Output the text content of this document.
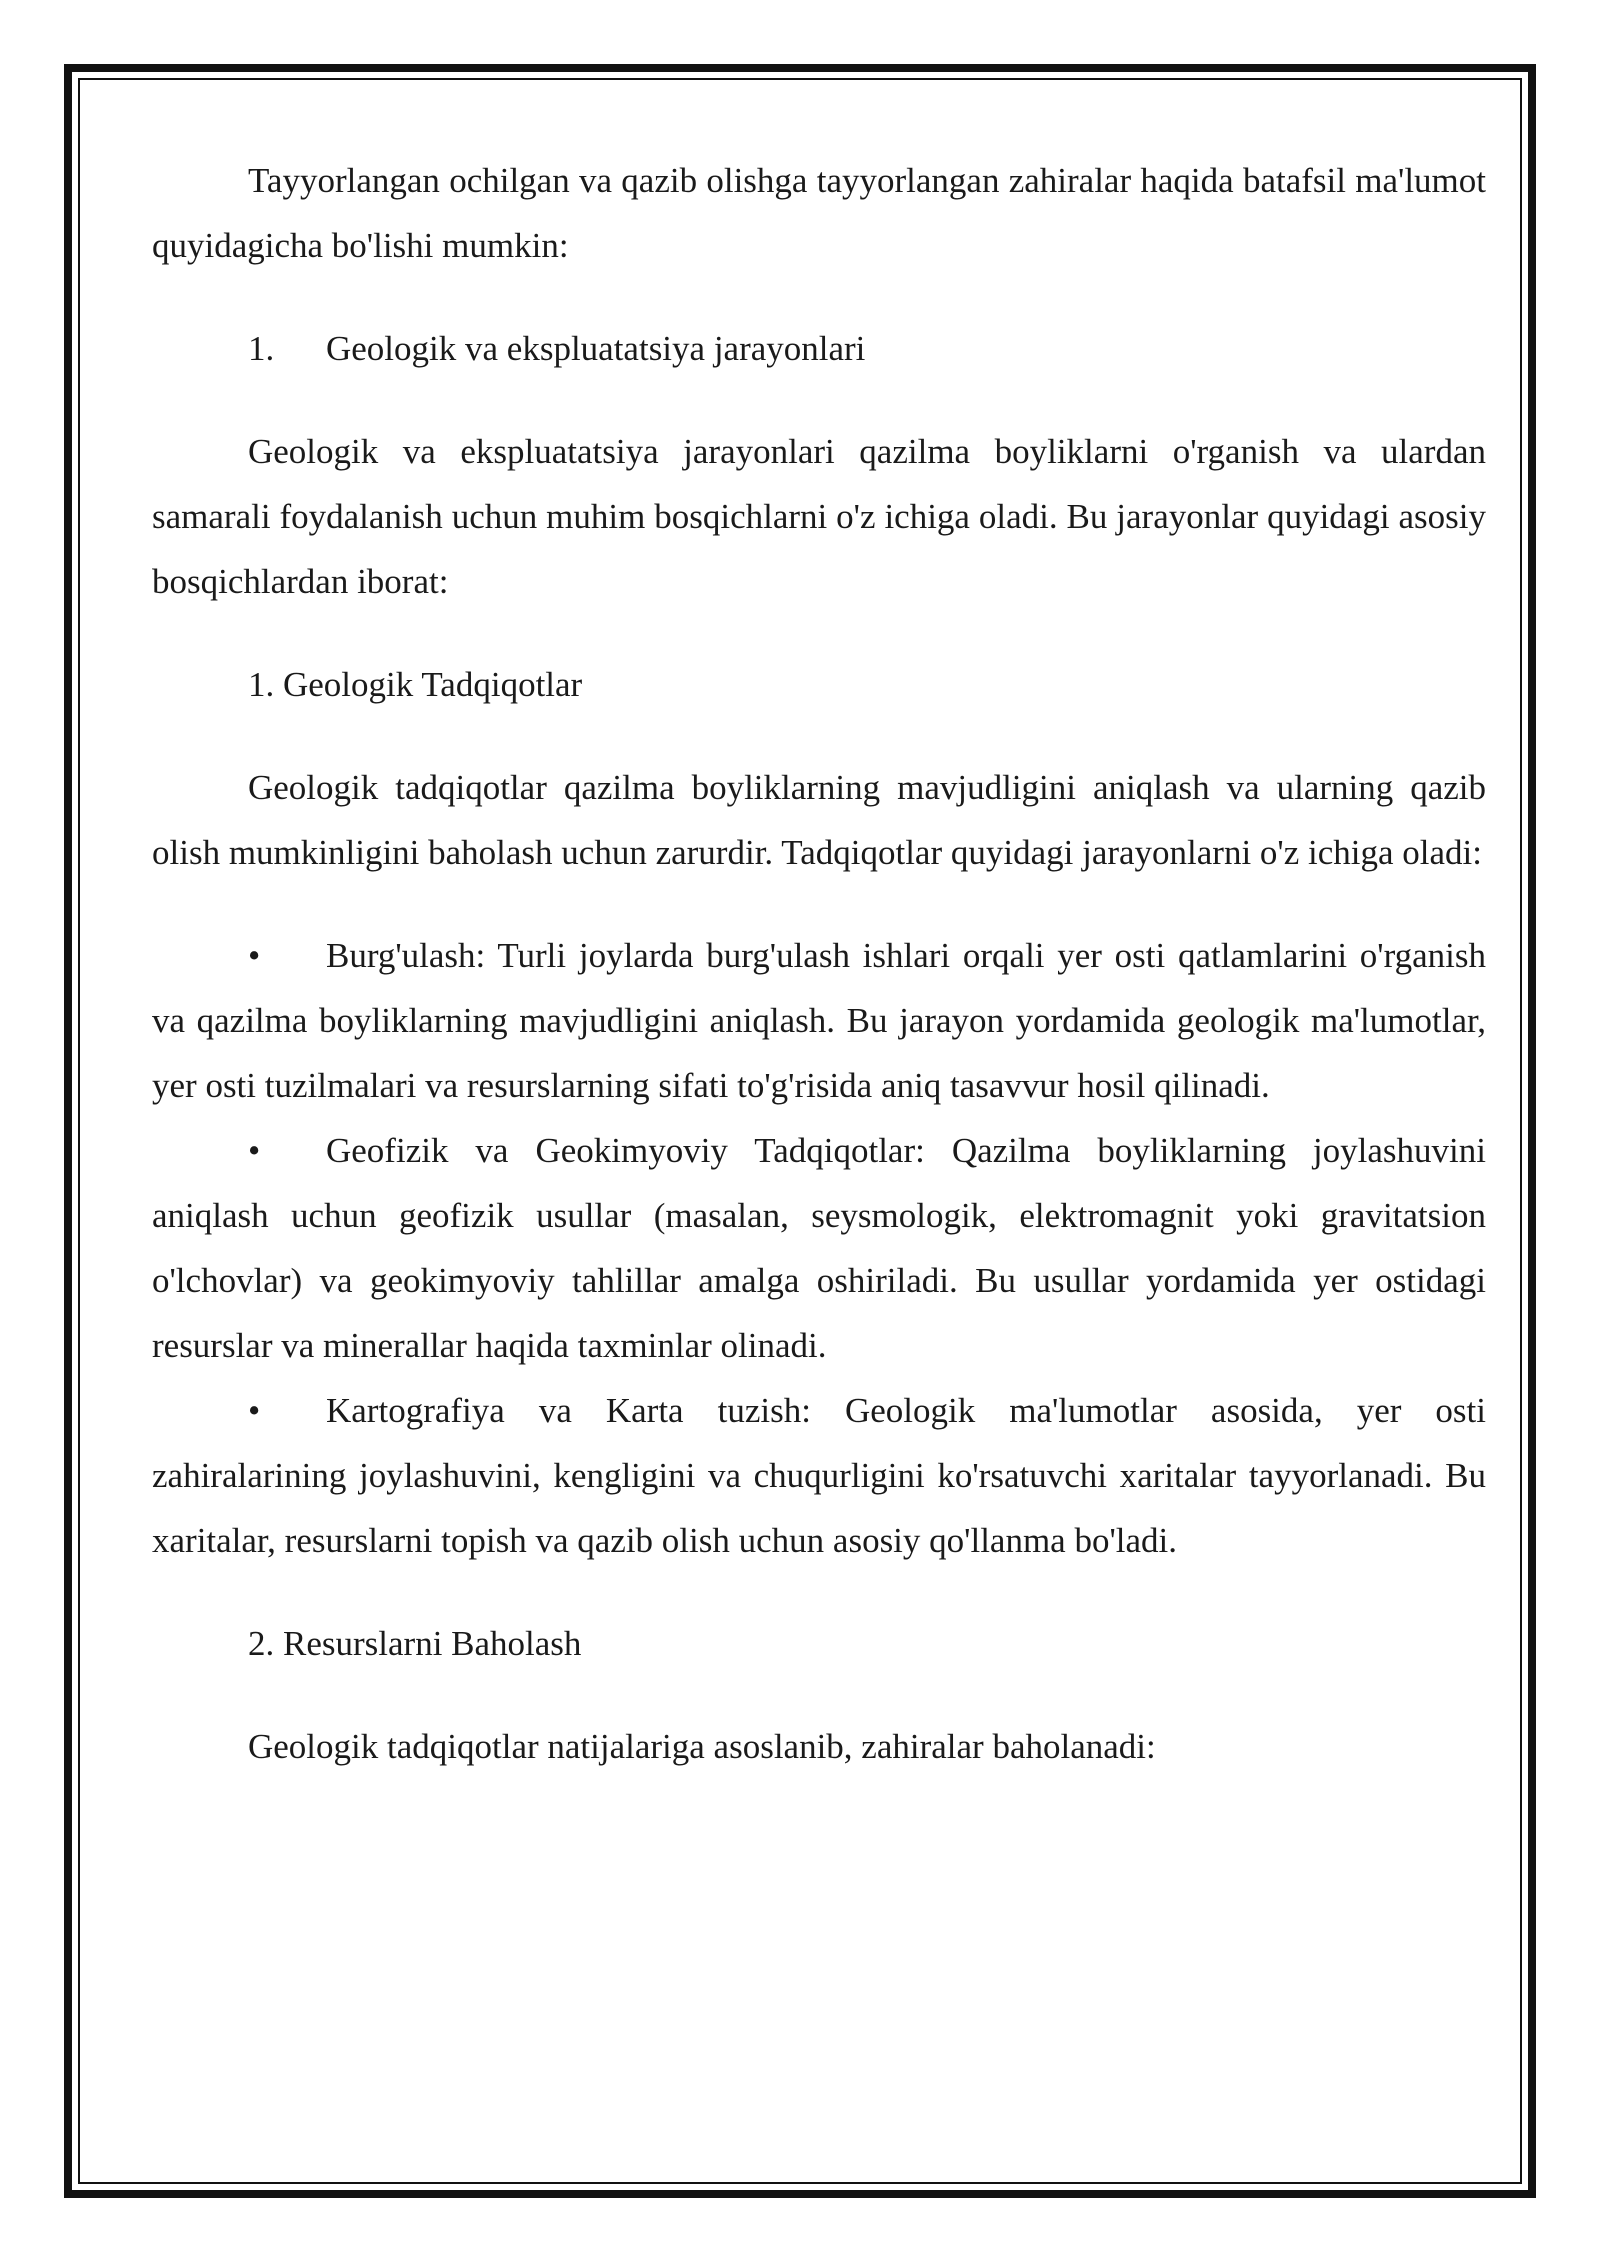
Tayyorlangan ochilgan va qazib olishga tayyorlangan zahiralar haqida batafsil ma'lumot quyidagicha bo'lishi mumkin:

1.	Geologik va ekspluatatsiya jarayonlari

Geologik va ekspluatatsiya jarayonlari qazilma boyliklarni o'rganish va ulardan samarali foydalanish uchun muhim bosqichlarni o'z ichiga oladi. Bu jarayonlar quyidagi asosiy bosqichlardan iborat:

1. Geologik Tadqiqotlar

Geologik tadqiqotlar qazilma boyliklarning mavjudligini aniqlash va ularning qazib olish mumkinligini baholash uchun zarurdir. Tadqiqotlar quyidagi jarayonlarni o'z ichiga oladi:

• Burg'ulash: Turli joylarda burg'ulash ishlari orqali yer osti qatlamlarini o'rganish va qazilma boyliklarning mavjudligini aniqlash. Bu jarayon yordamida geologik ma'lumotlar, yer osti tuzilmalari va resurslarning sifati to'g'risida aniq tasavvur hosil qilinadi.

• Geofizik va Geokimyoviy Tadqiqotlar: Qazilma boyliklarning joylashuvini aniqlash uchun geofizik usullar (masalan, seysmologik, elektromagnit yoki gravitatsion o'lchovlar) va geokimyoviy tahlillar amalga oshiriladi. Bu usullar yordamida yer ostidagi resurslar va minerallar haqida taxminlar olinadi.

• Kartografiya va Karta tuzish: Geologik ma'lumotlar asosida, yer osti zahiralarining joylashuvini, kengligini va chuqurligini ko'rsatuvchi xaritalar tayyorlanadi. Bu xaritalar, resurslarni topish va qazib olish uchun asosiy qo'llanma bo'ladi.

2. Resurslarni Baholash

Geologik tadqiqotlar natijalariga asoslanib, zahiralar baholanadi:
